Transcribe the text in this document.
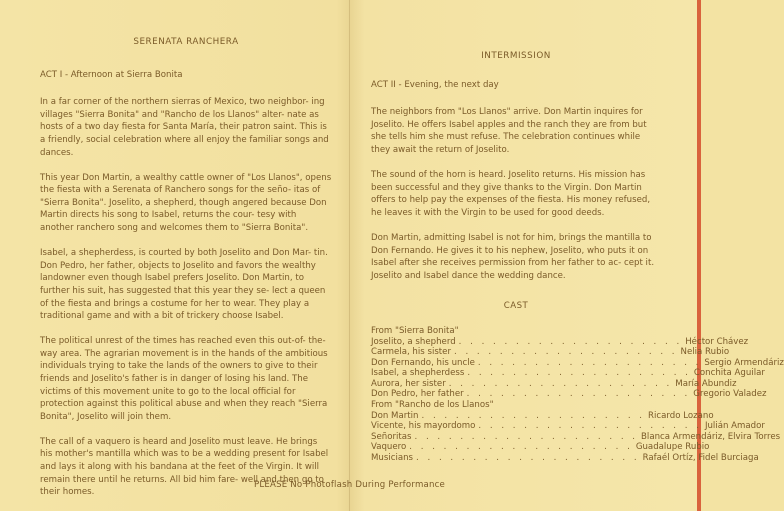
SERENATA RANCHERA
ACT I - Afternoon at Sierra Bonita

In a far corner of the northern sierras of Mexico, two neighbor- ing villages "Sierra Bonita" and "Rancho de los Llanos" alter- nate as hosts of a two day fiesta for Santa María, their patron saint. This is a friendly, social celebration where all enjoy the familiar songs and dances.

This year Don Martin, a wealthy cattle owner of "Los Llanos", opens the fiesta with a Serenata of Ranchero songs for the seño- itas of "Sierra Bonita". Joselito, a shepherd, though angered because Don Martin directs his song to Isabel, returns the cour- tesy with another ranchero song and welcomes them to "Sierra Bonita".

Isabel, a shepherdess, is courted by both Joselito and Don Mar- tin. Don Pedro, her father, objects to Joselito and favors the wealthy landowner even though Isabel prefers Joselito. Don Martin, to further his suit, has suggested that this year they se- lect a queen of the fiesta and brings a costume for her to wear. They play a traditional game and with a bit of trickery choose Isabel.

The political unrest of the times has reached even this out-of- the-way area. The agrarian movement is in the hands of the ambitious individuals trying to take the lands of the owners to give to their friends and Joselito's father is in danger of losing his land. The victims of this movement unite to go to the local official for protection against this political abuse and when they reach "Sierra Bonita", Joselito will join them.

The call of a vaquero is heard and Joselito must leave. He brings his mother's mantilla which was to be a wedding present for Isabel and lays it along with his bandana at the feet of the Virgin. It will remain there until he returns. All bid him fare- well and then go to their homes.

INTERMISSION
ACT II - Evening, the next day

The neighbors from "Los Llanos" arrive. Don Martin inquires for Joselito. He offers Isabel apples and the ranch they are from but she tells him she must refuse. The celebration continues while they await the return of Joselito.

The sound of the horn is heard. Joselito returns. His mission has been successful and they give thanks to the Virgin. Don Martin offers to help pay the expenses of the fiesta. His money refused, he leaves it with the Virgin to be used for good deeds.

Don Martin, admitting Isabel is not for him, brings the mantilla to Don Fernando. He gives it to his nephew, Joselito, who puts it on Isabel after she receives permission from her father to ac- cept it. Joselito and Isabel dance the wedding dance.

CAST
From "Sierra Bonita"
Joselito, a shepherd . . . . . . . . . . . . . . . . . . . . Héctor Chávez
Carmela, his sister . . . . . . . . . . . . . . . . . . . . Nelia Rubio
Don Fernando, his uncle . . . . . . . . . . . . . . . . . . . . Sergio Armendáriz
Isabel, a shepherdess . . . . . . . . . . . . . . . . . . . . Conchita Aguilar
Aurora, her sister . . . . . . . . . . . . . . . . . . . . María Abundiz
Don Pedro, her father . . . . . . . . . . . . . . . . . . . . Gregorio Valadez
From "Rancho de los Llanos"
Don Martin . . . . . . . . . . . . . . . . . . . . Ricardo Lozano
Vicente, his mayordomo . . . . . . . . . . . . . . . . . . . . Julián Amador
Señoritas . . . . . . . . . . . . . . . . . . . . Blanca Armendáriz, Elvira Torres
Vaquero . . . . . . . . . . . . . . . . . . . . Guadalupe Rubio
Musicians . . . . . . . . . . . . . . . . . . . . Rafaél Ortíz, Fidel Burciaga
PLEASE No Photoflash During Performance
